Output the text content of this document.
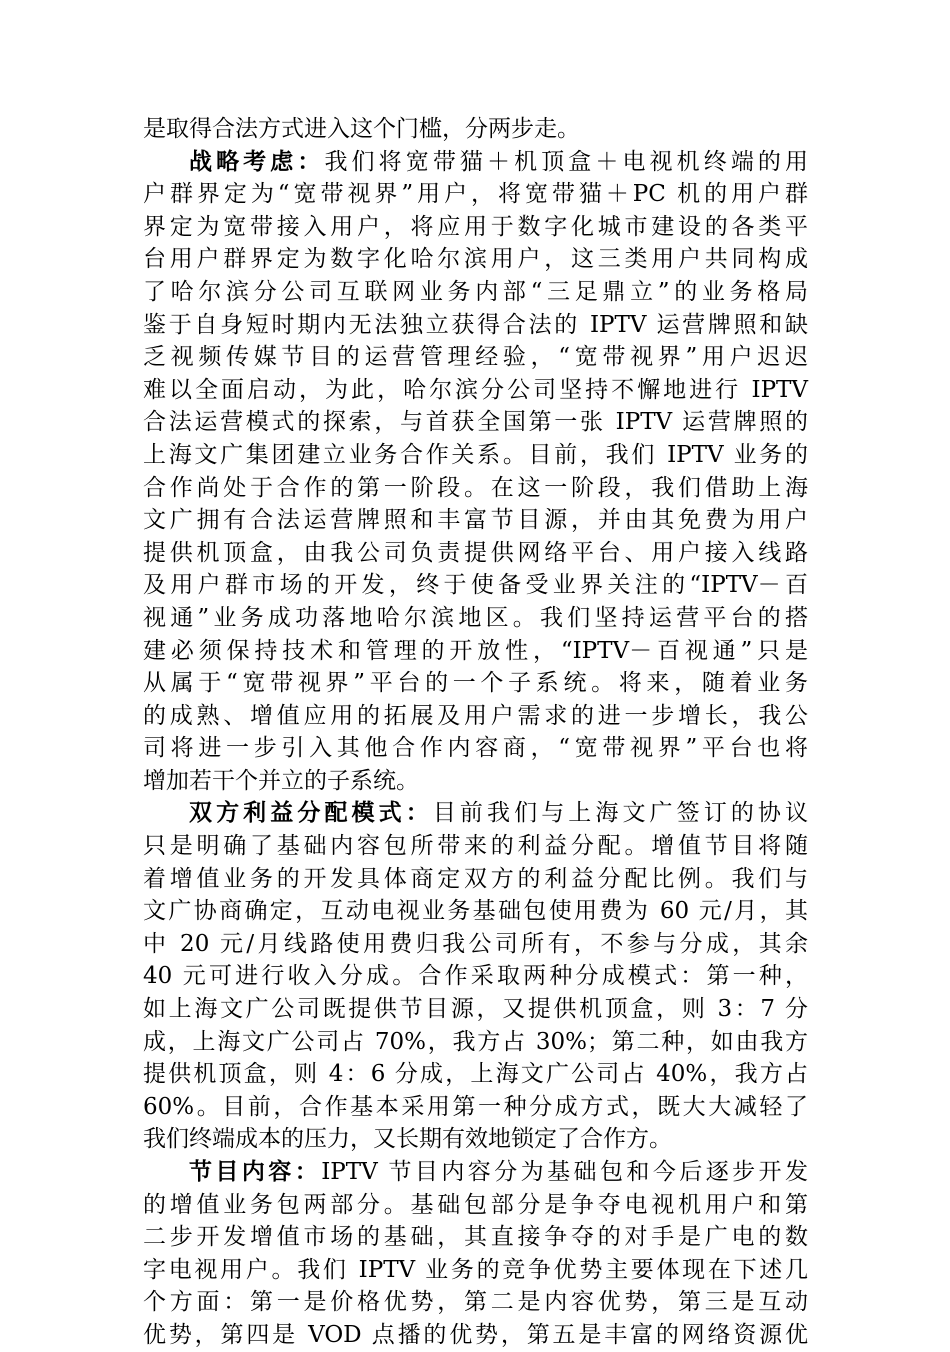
是取得合法方式进入这个门槛，分两步走。
战略考虑：我们将宽带猫＋机顶盒＋电视机终端的用
户群界定为“宽带视界”用户，将宽带猫＋PC 机的用户群
界定为宽带接入用户，将应用于数字化城市建设的各类平
台用户群界定为数字化哈尔滨用户，这三类用户共同构成
了哈尔滨分公司互联网业务内部“三足鼎立”的业务格局
鉴于自身短时期内无法独立获得合法的 IPTV 运营牌照和缺
乏视频传媒节目的运营管理经验，“宽带视界”用户迟迟
难以全面启动，为此，哈尔滨分公司坚持不懈地进行 IPTV
合法运营模式的探索，与首获全国第一张 IPTV 运营牌照的
上海文广集团建立业务合作关系。目前，我们 IPTV 业务的
合作尚处于合作的第一阶段。在这一阶段，我们借助上海
文广拥有合法运营牌照和丰富节目源，并由其免费为用户
提供机顶盒，由我公司负责提供网络平台、用户接入线路
及用户群市场的开发，终于使备受业界关注的“IPTV－百
视通”业务成功落地哈尔滨地区。我们坚持运营平台的搭
建必须保持技术和管理的开放性，“IPTV－百视通”只是
从属于“宽带视界”平台的一个子系统。将来，随着业务
的成熟、增值应用的拓展及用户需求的进一步增长，我公
司将进一步引入其他合作内容商，“宽带视界”平台也将
增加若干个并立的子系统。
双方利益分配模式：目前我们与上海文广签订的协议
只是明确了基础内容包所带来的利益分配。增值节目将随
着增值业务的开发具体商定双方的利益分配比例。我们与
文广协商确定，互动电视业务基础包使用费为 60 元/月，其
中 20 元/月线路使用费归我公司所有，不参与分成，其余
40 元可进行收入分成。合作采取两种分成模式：第一种，
如上海文广公司既提供节目源，又提供机顶盒，则 3：7 分
成，上海文广公司占 70%，我方占 30%；第二种，如由我方
提供机顶盒，则 4：6 分成，上海文广公司占 40%，我方占
60%。目前，合作基本采用第一种分成方式，既大大减轻了
我们终端成本的压力，又长期有效地锁定了合作方。
节目内容：IPTV 节目内容分为基础包和今后逐步开发
的增值业务包两部分。基础包部分是争夺电视机用户和第
二步开发增值市场的基础，其直接争夺的对手是广电的数
字电视用户。我们 IPTV 业务的竞争优势主要体现在下述几
个方面：第一是价格优势，第二是内容优势，第三是互动
优势，第四是 VOD 点播的优势，第五是丰富的网络资源优
